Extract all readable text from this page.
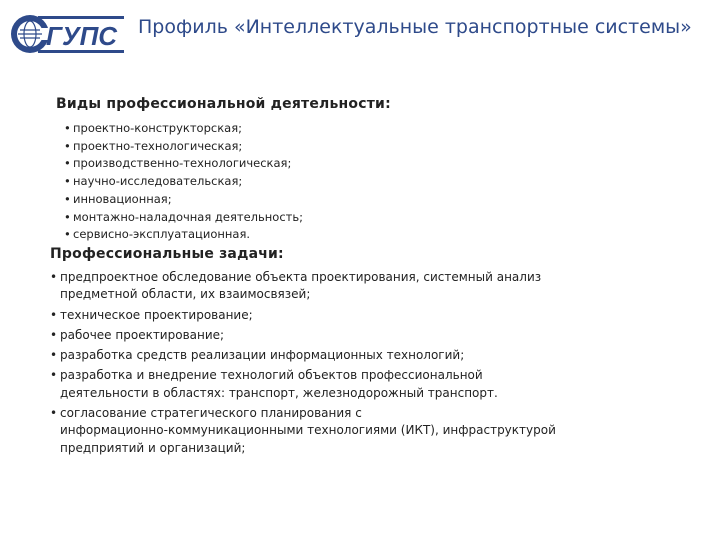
ГУПС Профиль «Интеллектуальные транспортные системы»
Виды профессиональной деятельности:
• проектно-конструкторская;
• проектно-технологическая;
• производственно-технологическая;
• научно-исследовательская;
• инновационная;
• монтажно-наладочная деятельность;
• сервисно-эксплуатационная.
Профессиональные задачи:
• предпроектное обследование объекта проектирования, системный анализ
предметной области, их взаимосвязей;
• техническое проектирование;
• рабочее проектирование;
• разработка средств реализации информационных технологий;
• разработка и внедрение технологий объектов профессиональной
деятельности в областях: транспорт, железнодорожный транспорт.
• согласование стратегического планирования с
информационно-коммуникационными технологиями (ИКТ), инфраструктурой
предприятий и организаций;
